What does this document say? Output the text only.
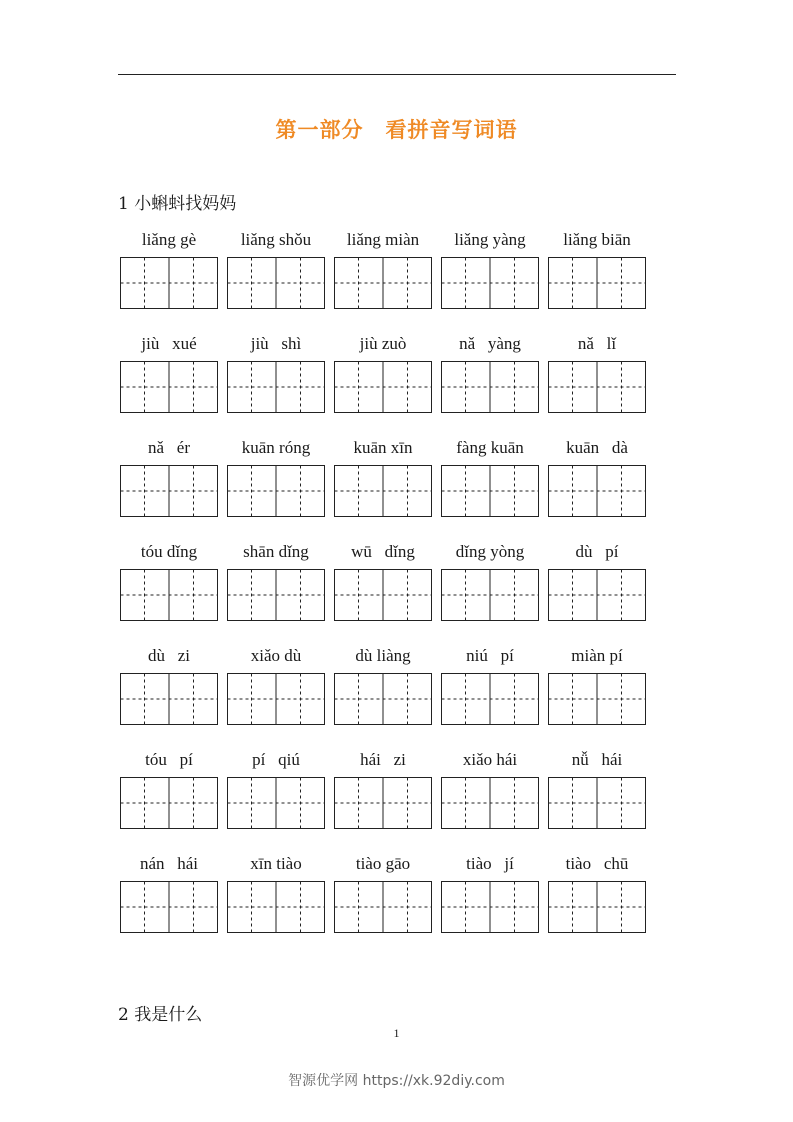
第一部分 看拼音写词语
1 小蝌蚪找妈妈
liǎng gè	liǎng shǒu	liǎng miàn	liǎng yàng	liǎng biān
jiù   xué	jiù   shì	jiù zuò	nǎ   yàng	nǎ   lǐ
nǎ   ér	kuān róng	kuān xīn	fàng kuān	kuān   dà
tóu dǐng	shān dǐng	wū   dǐng	dǐng yòng	dù   pí
dù   zi	xiǎo dù	dù liàng	niú   pí	miàn pí
tóu   pí	pí   qiú	hái   zi	xiǎo hái	nǚ   hái
nán   hái	xīn tiào	tiào gāo	tiào   jí	tiào   chū
2 我是什么
1
智源优学网 https://xk.92diy.com
